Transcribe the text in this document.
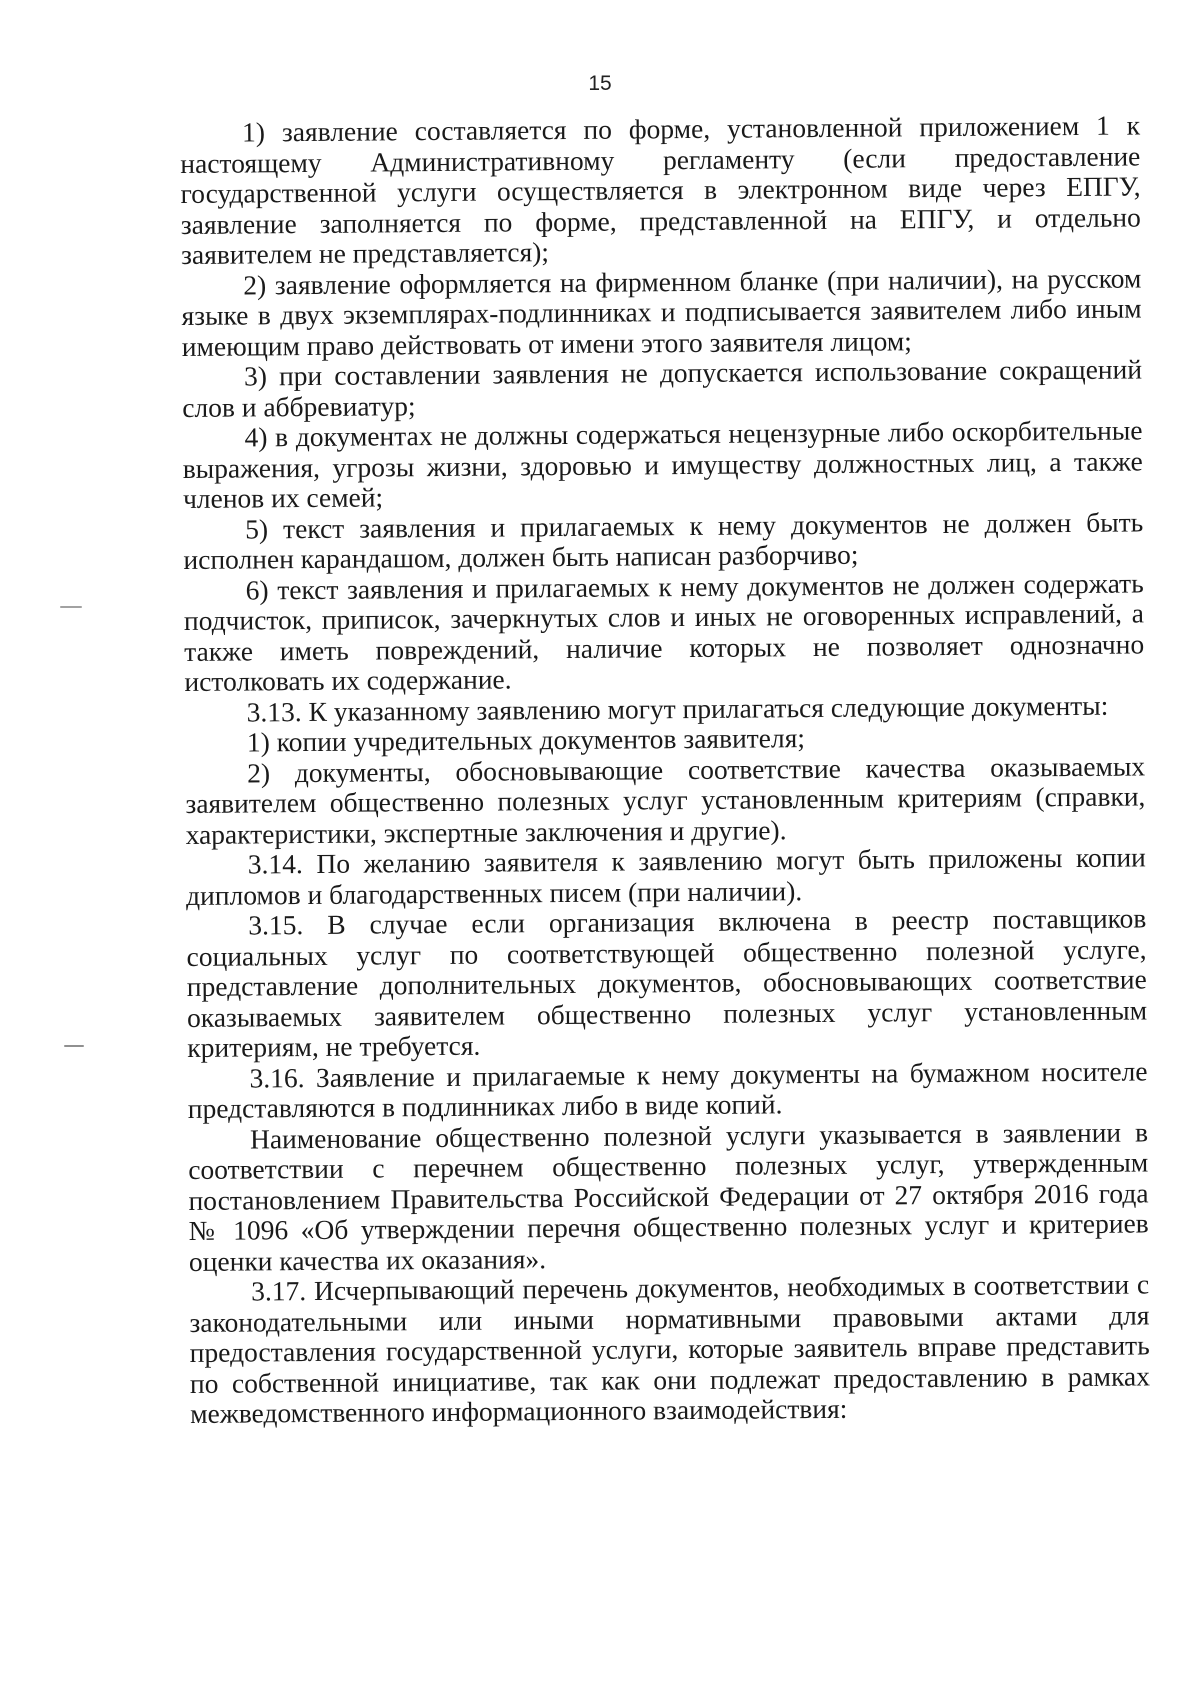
15

1) заявление составляется по форме, установленной приложением 1 к настоящему Административному регламенту (если предоставление государственной услуги осуществляется в электронном виде через ЕПГУ, заявление заполняется по форме, представленной на ЕПГУ, и отдельно заявителем не представляется);

2) заявление оформляется на фирменном бланке (при наличии), на русском языке в двух экземплярах-подлинниках и подписывается заявителем либо иным имеющим право действовать от имени этого заявителя лицом;

3) при составлении заявления не допускается использование сокращений слов и аббревиатур;

4) в документах не должны содержаться нецензурные либо оскорбительные выражения, угрозы жизни, здоровью и имуществу должностных лиц, а также членов их семей;

5) текст заявления и прилагаемых к нему документов не должен быть исполнен карандашом, должен быть написан разборчиво;

6) текст заявления и прилагаемых к нему документов не должен содержать подчисток, приписок, зачеркнутых слов и иных не оговоренных исправлений, а также иметь повреждений, наличие которых не позволяет однозначно истолковать их содержание.

3.13. К указанному заявлению могут прилагаться следующие документы:

1) копии учредительных документов заявителя;

2) документы, обосновывающие соответствие качества оказываемых заявителем общественно полезных услуг установленным критериям (справки, характеристики, экспертные заключения и другие).

3.14. По желанию заявителя к заявлению могут быть приложены копии дипломов и благодарственных писем (при наличии).

3.15. В случае если организация включена в реестр поставщиков социальных услуг по соответствующей общественно полезной услуге, представление дополнительных документов, обосновывающих соответствие оказываемых заявителем общественно полезных услуг установленным критериям, не требуется.

3.16. Заявление и прилагаемые к нему документы на бумажном носителе представляются в подлинниках либо в виде копий.

Наименование общественно полезной услуги указывается в заявлении в соответствии с перечнем общественно полезных услуг, утвержденным постановлением Правительства Российской Федерации от 27 октября 2016 года № 1096 «Об утверждении перечня общественно полезных услуг и критериев оценки качества их оказания».

3.17. Исчерпывающий перечень документов, необходимых в соответствии с законодательными или иными нормативными правовыми актами для предоставления государственной услуги, которые заявитель вправе представить по собственной инициативе, так как они подлежат предоставлению в рамках межведомственного информационного взаимодействия:
